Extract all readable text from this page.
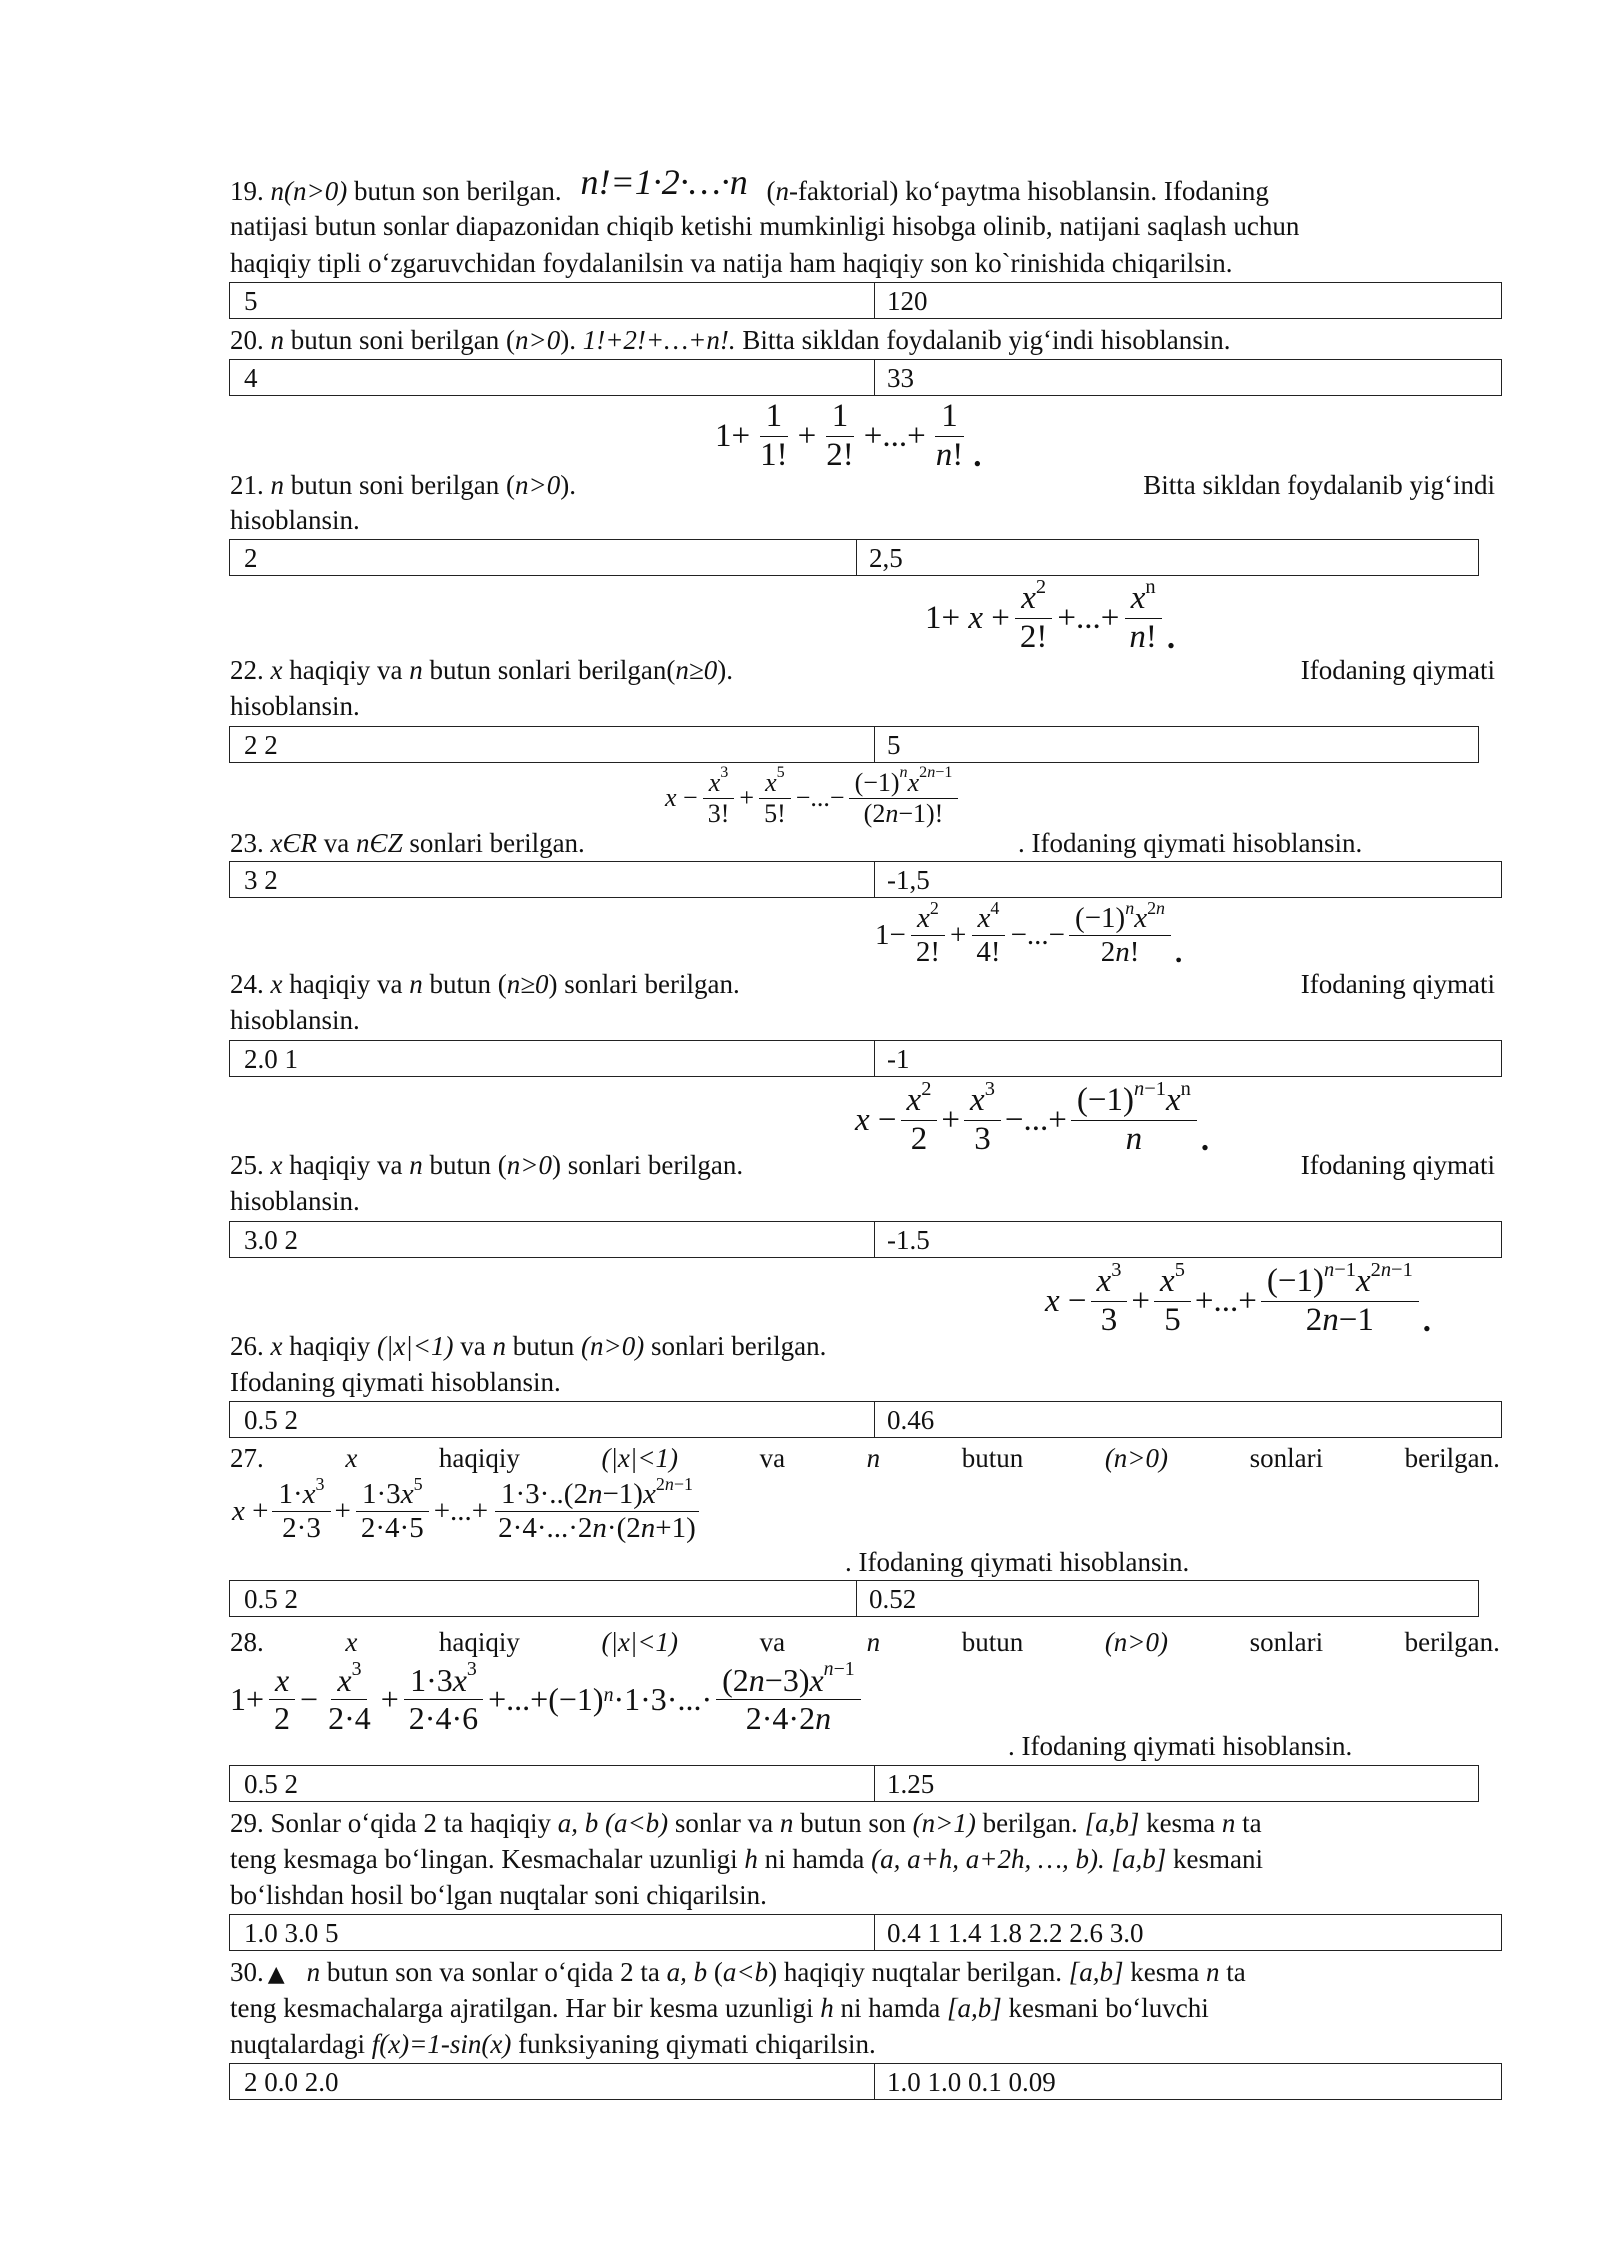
19. n(n>0) butun son berilgan. n!=1·2·…·n (n-faktorial) ko‘paytma hisoblansin. Ifodaning
natijasi butun sonlar diapazonidan chiqib ketishi mumkinligi hisobga olinib, natijani saqlash uchun
haqiqiy tipli o‘zgaruvchidan foydalanilsin va natija ham haqiqiy son ko`rinishida chiqarilsin.
5	120
20. n butun soni berilgan (n>0). 1!+2!+…+n!. Bitta sikldan foydalanib yig‘indi hisoblansin.
4	33
$1+ \frac{1}{1!} + \frac{1}{2!}$ +...+ $\frac{1}{n!}$ .
21. n butun soni berilgan (n>0).	Bitta sikldan foydalanib yig‘indi
hisoblansin.
2	2,5
$1+ x + \frac{x^2}{2!}$ +...+ $\frac{x^n}{n!}$ .
22. x haqiqiy va n butun sonlari berilgan(n≥0).	Ifodaning qiymati
hisoblansin.
2 2	5
$x - \frac{x^3}{3!} + \frac{x^5}{5!}$ −...− $\frac{(-1)^nx^{2n-1}}{(2n-1)!}$
23. xЄR va nЄZ sonlari berilgan.	. Ifodaning qiymati hisoblansin.
3 2	-1,5
$1- \frac{x^2}{2!} + \frac{x^4}{4!}$ −...− $\frac{(-1)^nx^{2n}}{2n!}$ .
24. x haqiqiy va n butun (n≥0) sonlari berilgan.	Ifodaning qiymati
hisoblansin.
2.0 1	-1
$x - \frac{x^2}{2} + \frac{x^3}{3}$ −...+ $\frac{(-1)^{n-1}x^n}{n}$ .
25. x haqiqiy va n butun (n>0) sonlari berilgan.	Ifodaning qiymati
hisoblansin.
3.0 2	-1.5
$x - \frac{x^3}{3} + \frac{x^5}{5}$ +...+ $\frac{(-1)^{n-1}x^{2n-1}}{2n-1}$ .
26. x haqiqiy (|x|<1) va n butun (n>0) sonlari berilgan.
Ifodaning qiymati hisoblansin.
0.5 2	0.46
27.	x	haqiqiy	(|x|<1)	va	n	butun	(n>0)	sonlari	berilgan.
$x + \frac{1\cdot x^3}{2\cdot 3} + \frac{1\cdot 3x^5}{2\cdot 4\cdot 5}$ +...+ $\frac{1\cdot 3\cdot..(2n-1)x^{2n-1}}{2\cdot 4\cdot...\cdot 2n\cdot(2n+1)}$
. Ifodaning qiymati hisoblansin.
0.5 2	0.52
28.	x	haqiqiy	(|x|<1)	va	n	butun	(n>0)	sonlari	berilgan.
$1+ \frac{x}{2} - \frac{x^3}{2\cdot 4} + \frac{1\cdot 3x^3}{2\cdot 4\cdot 6} +...+(-1)$ $^n \cdot 1\cdot 3\cdot...\cdot \frac{(2n-3)x^{n-1}}{2\cdot 4\cdot 2n}$
. Ifodaning qiymati hisoblansin.
0.5 2	1.25
29. Sonlar o‘qida 2 ta haqiqiy a, b (a<b) sonlar va n butun son (n>1) berilgan. [a,b] kesma n ta
teng kesmaga bo‘lingan. Kesmachalar uzunligi h ni hamda (a, a+h, a+2h, …, b). [a,b] kesmani
bo‘lishdan hosil bo‘lgan nuqtalar soni chiqarilsin.
1.0 3.0 5	0.4 1 1.4 1.8 2.2 2.6 3.0
30. ▲ n butun son va sonlar o‘qida 2 ta a, b (a<b) haqiqiy nuqtalar berilgan. [a,b] kesma n ta
teng kesmachalarga ajratilgan. Har bir kesma uzunligi h ni hamda [a,b] kesmani bo‘luvchi
nuqtalardagi f(x)=1-sin(x) funksiyaning qiymati chiqarilsin.
2 0.0 2.0	1.0 1.0 0.1 0.09
